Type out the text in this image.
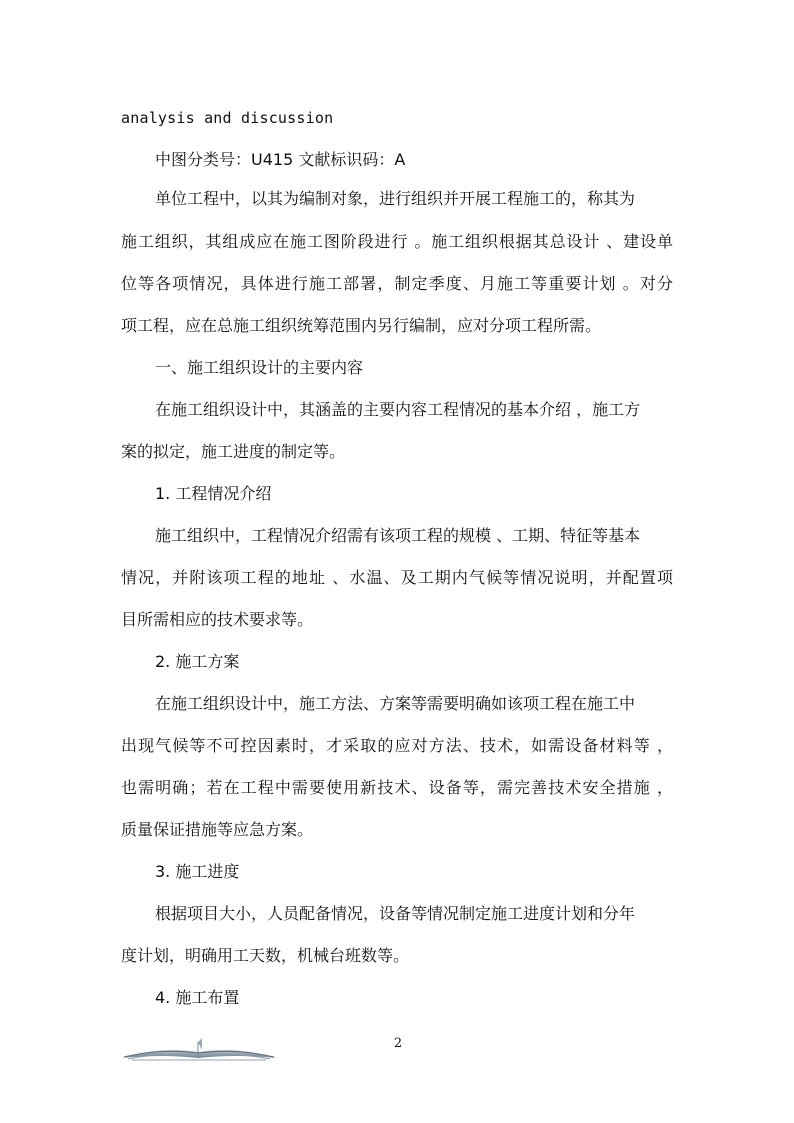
analysis and discussion
中图分类号：U415 文献标识码：A
单位工程中，以其为编制对象，进行组织并开展工程施工的，称其为
施工组织，其组成应在施工图阶段进行 。施工组织根据其总设计 、建设单
位等各项情况，具体进行施工部署，制定季度、月施工等重要计划 。对分
项工程，应在总施工组织统筹范围内另行编制，应对分项工程所需。
一、施工组织设计的主要内容
在施工组织设计中，其涵盖的主要内容工程情况的基本介绍 ，施工方
案的拟定，施工进度的制定等。
1. 工程情况介绍
施工组织中，工程情况介绍需有该项工程的规模 、工期、特征等基本
情况，并附该项工程的地址 、水温、及工期内气候等情况说明，并配置项
目所需相应的技术要求等。
2. 施工方案
在施工组织设计中，施工方法、方案等需要明确如该项工程在施工中
出现气候等不可控因素时，才采取的应对方法、技术，如需设备材料等 ，
也需明确；若在工程中需要使用新技术、设备等，需完善技术安全措施 ，
质量保证措施等应急方案。
3. 施工进度
根据项目大小，人员配备情况，设备等情况制定施工进度计划和分年
度计划，明确用工天数，机械台班数等。
4. 施工布置
2
